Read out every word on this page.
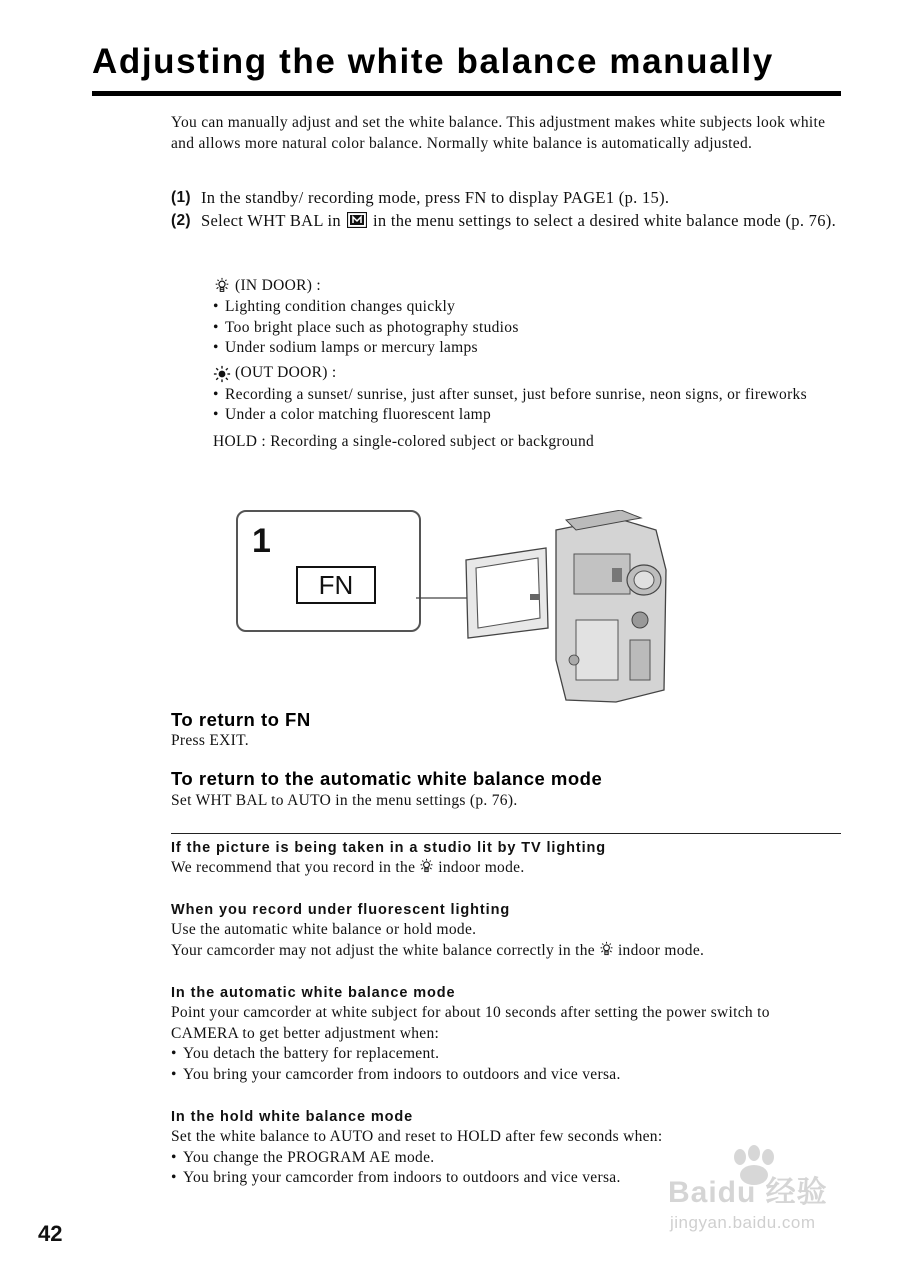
Adjusting the white balance manually

You can manually adjust and set the white balance. This adjustment makes white subjects look white and allows more natural color balance. Normally white balance is automatically adjusted.

(1) In the standby/ recording mode, press FN to display PAGE1 (p. 15).
(2) Select WHT BAL in in the menu settings to select a desired white balance mode (p. 76).
(IN DOOR) :
• Lighting condition changes quickly
• Too bright place such as photography studios
• Under sodium lamps or mercury lamps
(OUT DOOR) :
• Recording a sunset/ sunrise, just after sunset, just before sunrise, neon signs, or fireworks
• Under a color matching fluorescent lamp
HOLD : Recording a single-colored subject or background
1
FN
To return to FN

Press EXIT.

To return to the automatic white balance mode

Set WHT BAL to AUTO in the menu settings (p. 76).

If the picture is being taken in a studio lit by TV lighting
We recommend that you record in the indoor mode.
When you record under fluorescent lighting
Use the automatic white balance or hold mode.
Your camcorder may not adjust the white balance correctly in the indoor mode.
In the automatic white balance mode
Point your camcorder at white subject for about 10 seconds after setting the power switch to CAMERA to get better adjustment when:
• You detach the battery for replacement.
• You bring your camcorder from indoors to outdoors and vice versa.
In the hold white balance mode
Set the white balance to AUTO and reset to HOLD after few seconds when:
• You change the PROGRAM AE mode.
• You bring your camcorder from indoors to outdoors and vice versa.
42
Baidu 经验
jingyan.baidu.com
